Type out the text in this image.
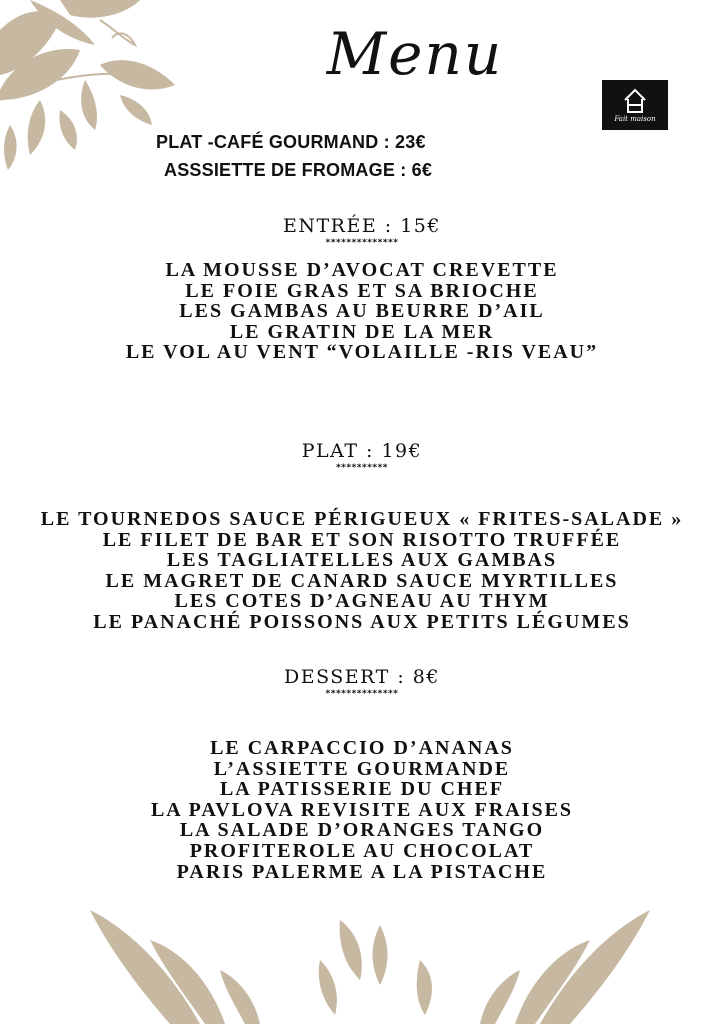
Menu
Fait maison
PLAT -CAFÉ GOURMAND : 23€
ASSSIETTE DE FROMAGE : 6€
ENTRÉE : 15€
**************
LA MOUSSE D’AVOCAT CREVETTE
LE FOIE GRAS ET SA BRIOCHE
LES GAMBAS AU BEURRE D’AIL
LE GRATIN DE LA MER
LE VOL AU VENT “VOLAILLE -RIS VEAU”
PLAT : 19€
**********
LE TOURNEDOS SAUCE PÉRIGUEUX « FRITES-SALADE »
LE FILET DE BAR ET SON RISOTTO TRUFFÉE
LES TAGLIATELLES AUX GAMBAS
LE MAGRET DE CANARD SAUCE MYRTILLES
LES COTES D’AGNEAU AU THYM
LE PANACHÉ POISSONS AUX PETITS LÉGUMES
DESSERT : 8€
**************
LE CARPACCIO D’ANANAS
L’ASSIETTE GOURMANDE
LA PATISSERIE DU CHEF
LA PAVLOVA REVISITE AUX FRAISES
LA SALADE D’ORANGES TANGO
PROFITEROLE AU CHOCOLAT
PARIS PALERME A LA PISTACHE
